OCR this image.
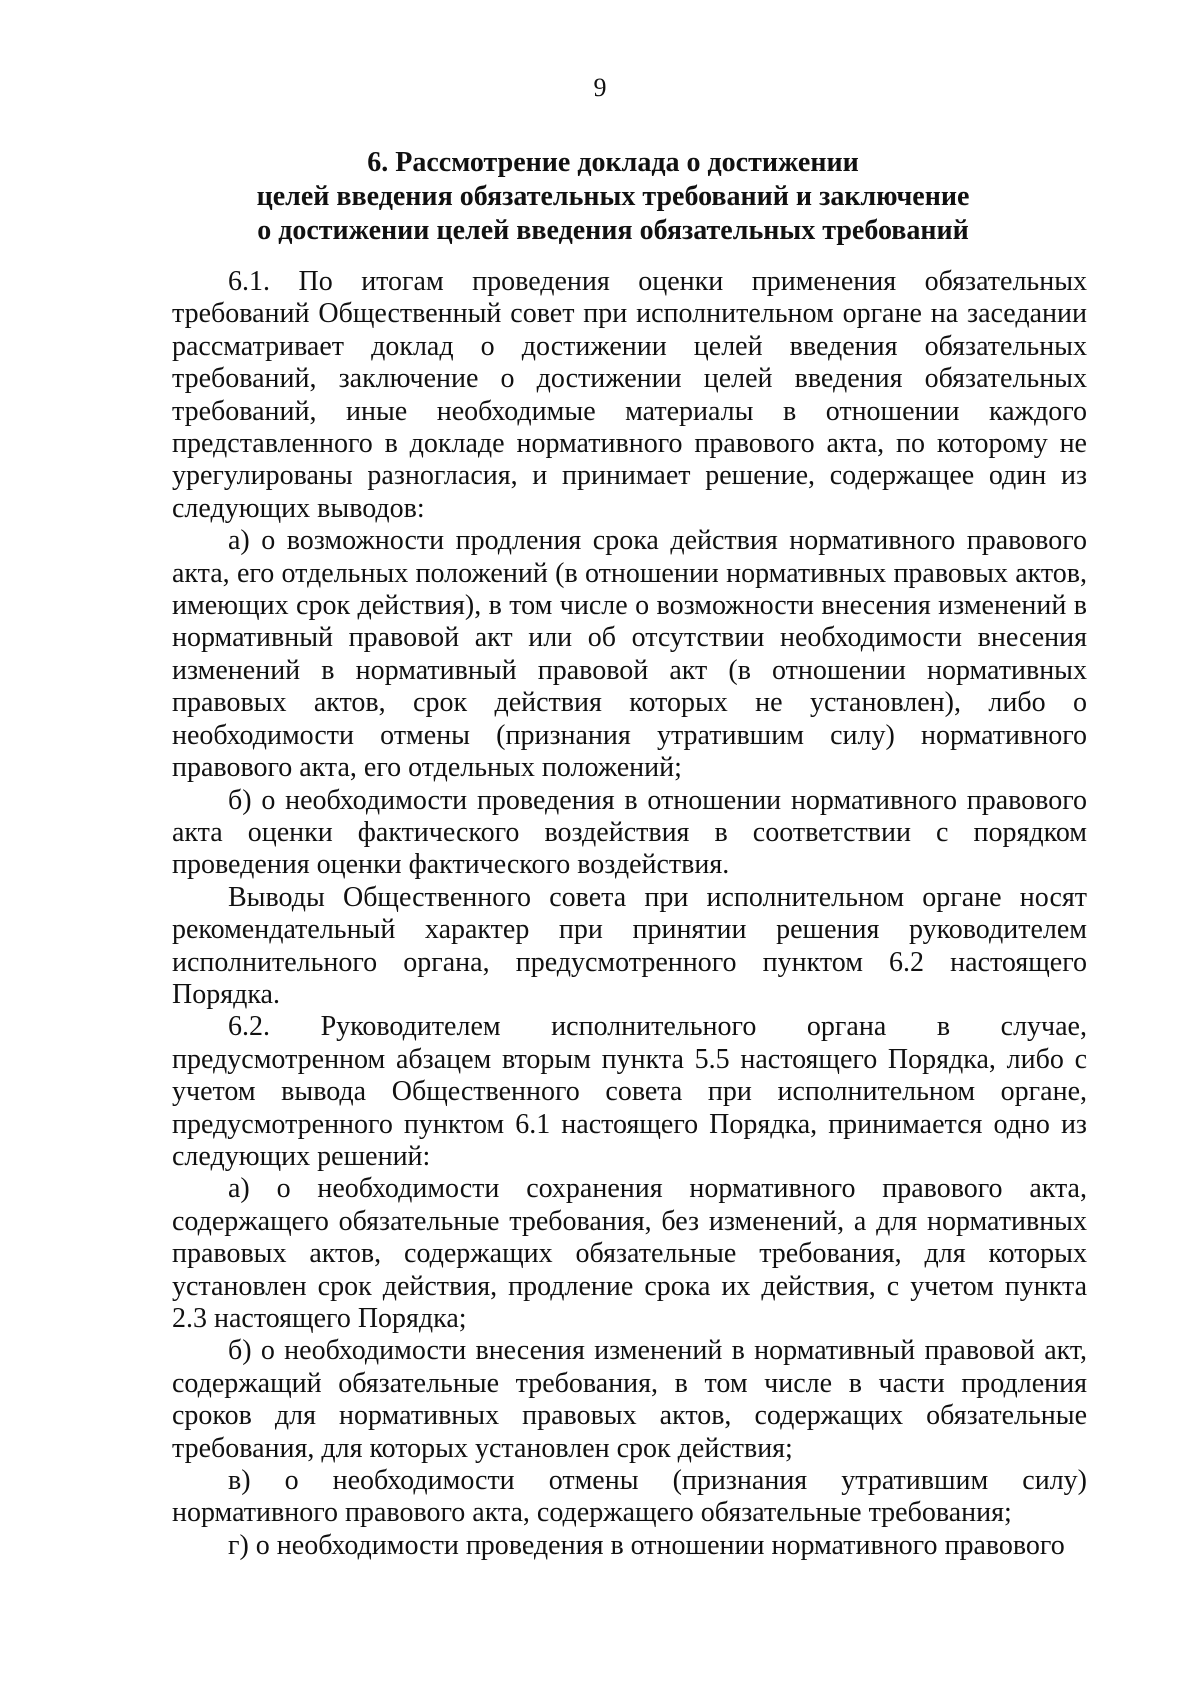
9
6. Рассмотрение доклада о достижении
целей введения обязательных требований и заключение
о достижении целей введения обязательных требований

6.1. По итогам проведения оценки применения обязательных требований Общественный совет при исполнительном органе на заседании рассматривает доклад о достижении целей введения обязательных требований, заключение о достижении целей введения обязательных требований, иные необходимые материалы в отношении каждого представленного в докладе нормативного правового акта, по которому не урегулированы разногласия, и принимает решение, содержащее один из следующих выводов:

а) о возможности продления срока действия нормативного правового акта, его отдельных положений (в отношении нормативных правовых актов, имеющих срок действия), в том числе о возможности внесения изменений в нормативный правовой акт или об отсутствии необходимости внесения изменений в нормативный правовой акт (в отношении нормативных правовых актов, срок действия которых не установлен), либо о необходимости отмены (признания утратившим силу) нормативного правового акта, его отдельных положений;

б) о необходимости проведения в отношении нормативного правового акта оценки фактического воздействия в соответствии с порядком проведения оценки фактического воздействия.

Выводы Общественного совета при исполнительном органе носят рекомендательный характер при принятии решения руководителем исполнительного органа, предусмотренного пунктом 6.2 настоящего Порядка.

6.2. Руководителем исполнительного органа в случае, предусмотренном абзацем вторым пункта 5.5 настоящего Порядка, либо с учетом вывода Общественного совета при исполнительном органе, предусмотренного пунктом 6.1 настоящего Порядка, принимается одно из следующих решений:

а) о необходимости сохранения нормативного правового акта, содержащего обязательные требования, без изменений, а для нормативных правовых актов, содержащих обязательные требования, для которых установлен срок действия, продление срока их действия, с учетом пункта 2.3 настоящего Порядка;

б) о необходимости внесения изменений в нормативный правовой акт, содержащий обязательные требования, в том числе в части продления сроков для нормативных правовых актов, содержащих обязательные требования, для которых установлен срок действия;

в) о необходимости отмены (признания утратившим силу) нормативного правового акта, содержащего обязательные требования;

г) о необходимости проведения в отношении нормативного правового
